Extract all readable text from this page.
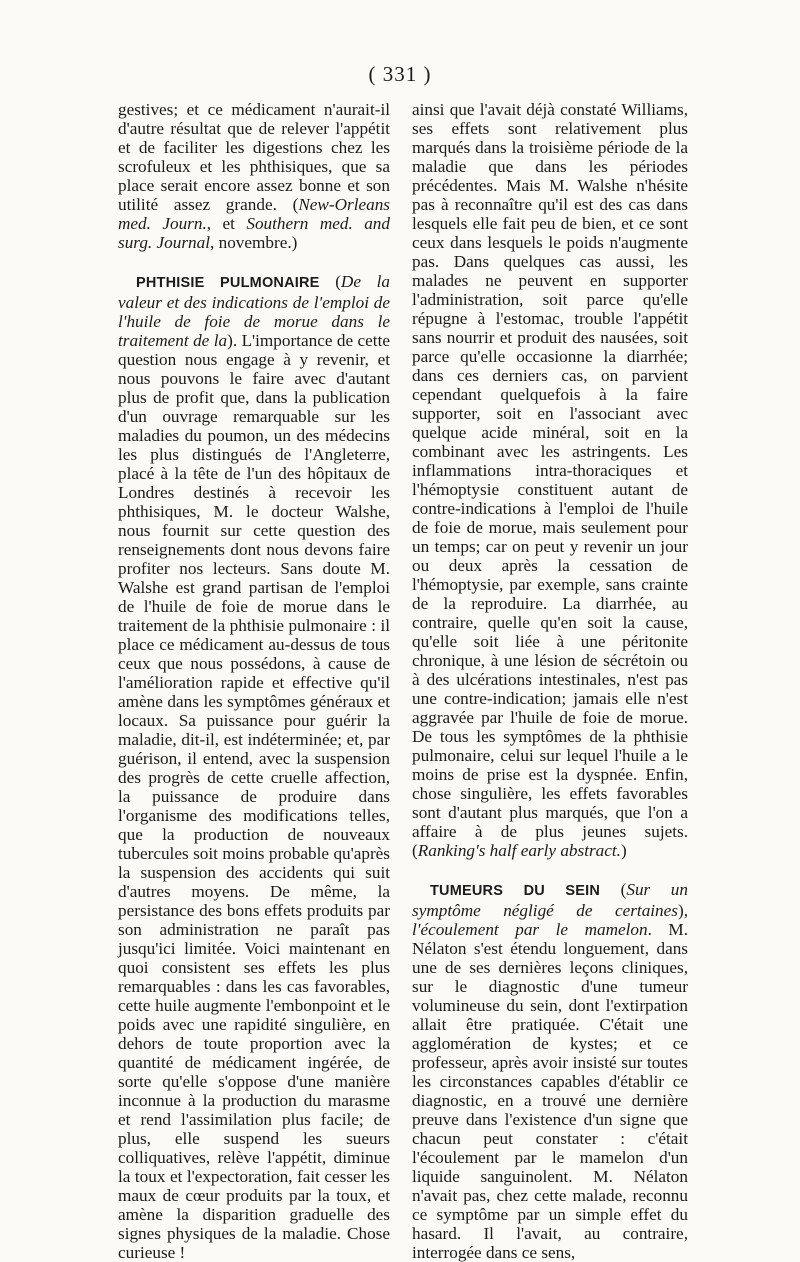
( 331 )

gestives; et ce médicament n'aurait-il d'autre résultat que de relever l'appétit et de faciliter les digestions chez les scrofuleux et les phthisiques, que sa place serait encore assez bonne et son utilité assez grande. (New-Orleans med. Journ., et Southern med. and surg. Journal, novembre.)

PHTHISIE PULMONAIRE (De la valeur et des indications de l'emploi de l'huile de foie de morue dans le traitement de la). L'importance de cette question nous engage à y revenir, et nous pouvons le faire avec d'autant plus de profit que, dans la publication d'un ouvrage remarquable sur les maladies du poumon, un des médecins les plus distingués de l'Angleterre, placé à la tête de l'un des hôpitaux de Londres destinés à recevoir les phthisiques, M. le docteur Walshe, nous fournit sur cette question des renseignements dont nous devons faire profiter nos lecteurs. Sans doute M. Walshe est grand partisan de l'emploi de l'huile de foie de morue dans le traitement de la phthisie pulmonaire : il place ce médicament au-dessus de tous ceux que nous possédons, à cause de l'amélioration rapide et effective qu'il amène dans les symptômes généraux et locaux. Sa puissance pour guérir la maladie, dit-il, est indéterminée; et, par guérison, il entend, avec la suspension des progrès de cette cruelle affection, la puissance de produire dans l'organisme des modifications telles, que la production de nouveaux tubercules soit moins probable qu'après la suspension des accidents qui suit d'autres moyens. De même, la persistance des bons effets produits par son administration ne paraît pas jusqu'ici limitée. Voici maintenant en quoi consistent ses effets les plus remarquables : dans les cas favorables, cette huile augmente l'embonpoint et le poids avec une rapidité singulière, en dehors de toute proportion avec la quantité de médicament ingérée, de sorte qu'elle s'oppose d'une manière inconnue à la production du marasme et rend l'assimilation plus facile; de plus, elle suspend les sueurs colliquatives, relève l'appétit, diminue la toux et l'expectoration, fait cesser les maux de cœur produits par la toux, et amène la disparition graduelle des signes physiques de la maladie. Chose curieuse !

ainsi que l'avait déjà constaté Williams, ses effets sont relativement plus marqués dans la troisième période de la maladie que dans les périodes précédentes. Mais M. Walshe n'hésite pas à reconnaître qu'il est des cas dans lesquels elle fait peu de bien, et ce sont ceux dans lesquels le poids n'augmente pas. Dans quelques cas aussi, les malades ne peuvent en supporter l'administration, soit parce qu'elle répugne à l'estomac, trouble l'appétit sans nourrir et produit des nausées, soit parce qu'elle occasionne la diarrhée; dans ces derniers cas, on parvient cependant quelquefois à la faire supporter, soit en l'associant avec quelque acide minéral, soit en la combinant avec les astringents. Les inflammations intra-thoraciques et l'hémoptysie constituent autant de contre-indications à l'emploi de l'huile de foie de morue, mais seulement pour un temps; car on peut y revenir un jour ou deux après la cessation de l'hémoptysie, par exemple, sans crainte de la reproduire. La diarrhée, au contraire, quelle qu'en soit la cause, qu'elle soit liée à une péritonite chronique, à une lésion de sécrétoin ou à des ulcérations intestinales, n'est pas une contre-indication; jamais elle n'est aggravée par l'huile de foie de morue. De tous les symptômes de la phthisie pulmonaire, celui sur lequel l'huile a le moins de prise est la dyspnée. Enfin, chose singulière, les effets favorables sont d'autant plus marqués, que l'on a affaire à de plus jeunes sujets. (Ranking's half early abstract.)

TUMEURS DU SEIN (Sur un symptôme négligé de certaines), l'écoulement par le mamelon. M. Nélaton s'est étendu longuement, dans une de ses dernières leçons cliniques, sur le diagnostic d'une tumeur volumineuse du sein, dont l'extirpation allait être pratiquée. C'était une agglomération de kystes; et ce professeur, après avoir insisté sur toutes les circonstances capables d'établir ce diagnostic, en a trouvé une dernière preuve dans l'existence d'un signe que chacun peut constater : c'était l'écoulement par le mamelon d'un liquide sanguinolent. M. Nélaton n'avait pas, chez cette malade, reconnu ce symptôme par un simple effet du hasard. Il l'avait, au contraire, interrogée dans ce sens,
